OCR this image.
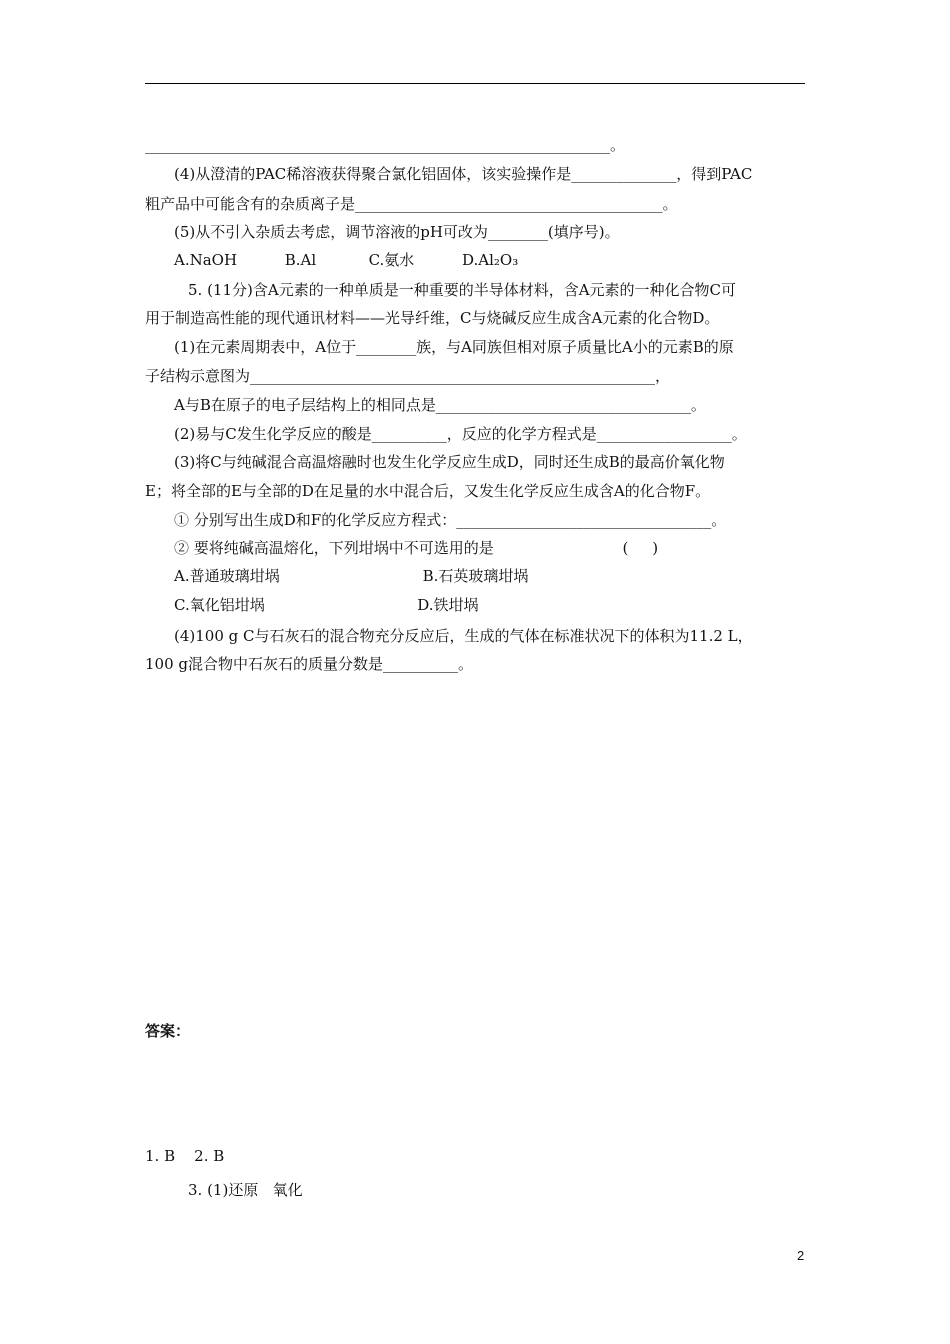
______________________________________________________________。
(4)从澄清的PAC稀溶液获得聚合氯化铝固体，该实验操作是______________，得到PAC
粗产品中可能含有的杂质离子是_________________________________________。
(5)从不引入杂质去考虑，调节溶液的pH可改为________(填序号)。
A.NaOH          B.Al           C.氨水          D.Al₂O₃
5. (11分)含A元素的一种单质是一种重要的半导体材料，含A元素的一种化合物C可
用于制造高性能的现代通讯材料——光导纤维，C与烧碱反应生成含A元素的化合物D。
(1)在元素周期表中，A位于________族，与A同族但相对原子质量比A小的元素B的原
子结构示意图为______________________________________________________，
A与B在原子的电子层结构上的相同点是__________________________________。
(2)易与C发生化学反应的酸是__________，反应的化学方程式是__________________。
(3)将C与纯碱混合高温熔融时也发生化学反应生成D，同时还生成B的最高价氧化物
E；将全部的E与全部的D在足量的水中混合后，又发生化学反应生成含A的化合物F。
① 分别写出生成D和F的化学反应方程式：__________________________________。
② 要将纯碱高温熔化，下列坩埚中不可选用的是                           (     )
A.普通玻璃坩埚                              B.石英玻璃坩埚
C.氧化铝坩埚                                D.铁坩埚
(4)100 g C与石灰石的混合物充分反应后，生成的气体在标准状况下的体积为11.2 L，
100 g混合物中石灰石的质量分数是__________。
答案：
1. B    2. B
3. (1)还原   氧化
2
